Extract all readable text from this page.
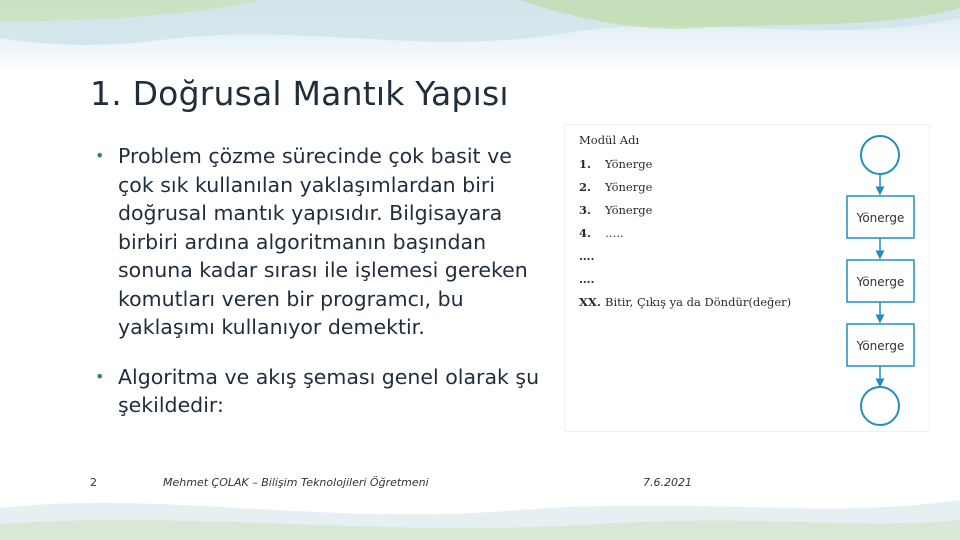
1. Doğrusal Mantık Yapısı
• Problem çözme sürecinde çok basit ve çok sık kullanılan yaklaşımlardan biri doğrusal mantık yapısıdır. Bilgisayara birbiri ardına algoritmanın başından sonuna kadar sırası ile işlemesi gereken komutları veren bir programcı, bu yaklaşımı kullanıyor demektir.
• Algoritma ve akış şeması genel olarak şu şekildedir:
Modül Adı
1. Yönerge
2. Yönerge
3. Yönerge
4. …..
….
….
XX. Bitir, Çıkış ya da Döndür(değer)
Yönerge
Yönerge
Yönerge
2	Mehmet ÇOLAK – Bilişim Teknolojileri Öğretmeni	7.6.2021
